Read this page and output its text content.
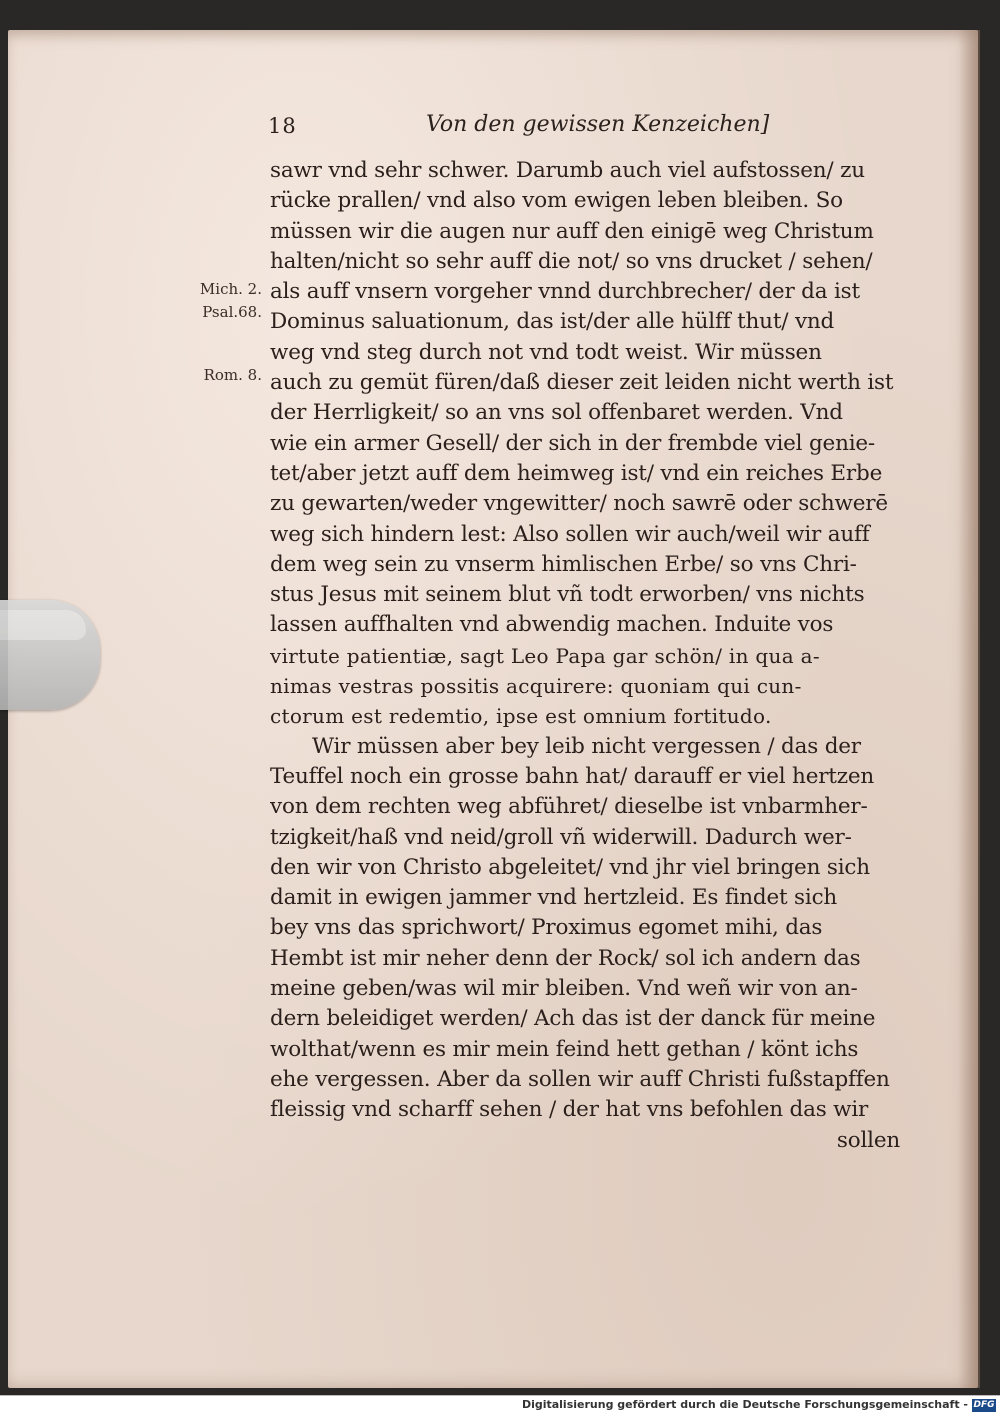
18	Von den gewissen Kenzeichen]
Mich. 2.
Psal.68.
Rom. 8.
sawr vnd sehr schwer. Darumb auch viel aufstossen/ zu
rücke prallen/ vnd also vom ewigen leben bleiben. So
müssen wir die augen nur auff den einigē weg Christum
halten/nicht so sehr auff die not/ so vns drucket / sehen/
als auff vnsern vorgeher vnnd durchbrecher/ der da ist
Dominus saluationum, das ist/der alle hülff thut/ vnd
weg vnd steg durch not vnd todt weist. Wir müssen
auch zu gemüt füren/daß dieser zeit leiden nicht werth ist
der Herrligkeit/ so an vns sol offenbaret werden. Vnd
wie ein armer Gesell/ der sich in der frembde viel genie-
tet/aber jetzt auff dem heimweg ist/ vnd ein reiches Erbe
zu gewarten/weder vngewitter/ noch sawrē oder schwerē
weg sich hindern lest: Also sollen wir auch/weil wir auff
dem weg sein zu vnserm himlischen Erbe/ so vns Chri-
stus Jesus mit seinem blut vñ todt erworben/ vns nichts
lassen auffhalten vnd abwendig machen. Induite vos
virtute patientiæ, sagt Leo Papa gar schön/ in qua a-
nimas vestras possitis acquirere: quoniam qui cun-
ctorum est redemtio, ipse est omnium fortitudo.
Wir müssen aber bey leib nicht vergessen / das der
Teuffel noch ein grosse bahn hat/ darauff er viel hertzen
von dem rechten weg abführet/ dieselbe ist vnbarmher-
tzigkeit/haß vnd neid/groll vñ widerwill. Dadurch wer-
den wir von Christo abgeleitet/ vnd jhr viel bringen sich
damit in ewigen jammer vnd hertzleid. Es findet sich
bey vns das sprichwort/ Proximus egomet mihi, das
Hembt ist mir neher denn der Rock/ sol ich andern das
meine geben/was wil mir bleiben. Vnd weñ wir von an-
dern beleidiget werden/ Ach das ist der danck für meine
wolthat/wenn es mir mein feind hett gethan / könt ichs
ehe vergessen. Aber da sollen wir auff Christi fußstapffen
fleissig vnd scharff sehen / der hat vns befohlen das wir
sollen
Digitalisierung gefördert durch die Deutsche Forschungsgemeinschaft - DFG
